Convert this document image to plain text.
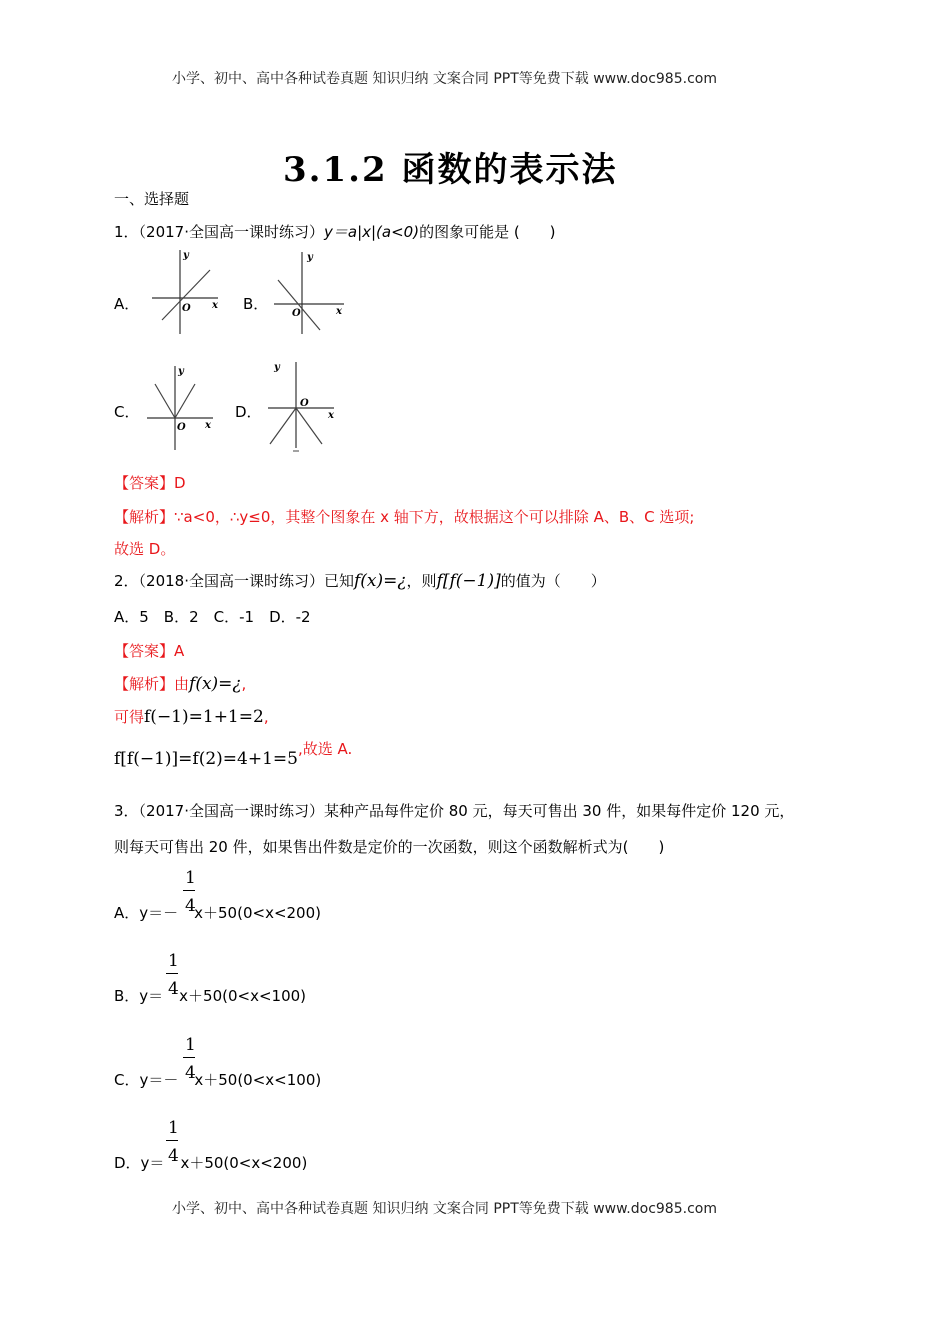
小学、初中、高中各种试卷真题 知识归纳 文案合同 PPT等免费下载 www.doc985.com
3.1.2 函数的表示法
一、选择题
1．（2017·全国高一课时练习）y＝a|x|(a<0)的图象可能是 (　　)
A．
y
x
O	B．
y
x
O
C．
y
x
O
D．
y
x
O
【答案】D
【解析】∵a<0，∴y≤0，其整个图象在 x 轴下方，故根据这个可以排除 A、B、C 选项;
故选 D。
2．（2018·全国高一课时练习）已知f(x)=¿，则f[f(−1)]的值为（　　）
A．5　B．2　C．-1　D．-2
【答案】A
【解析】由f(x)=¿,
可得f(−1)=1+1=2,
f[f(−1)]=f(2)=4+1=5,故选 A.
3．（2017·全国高一课时练习）某种产品每件定价 80 元，每天可售出 30 件，如果每件定价 120 元，
则每天可售出 20 件，如果售出件数是定价的一次函数，则这个函数解析式为(　　)
A．y＝－ x＋50(0<x<200)
1
4
B．y＝ x＋50(0<x<100)
1
4
C．y＝－ x＋50(0<x<100)
1
4
D．y＝ x＋50(0<x<200)
1
4
小学、初中、高中各种试卷真题 知识归纳 文案合同 PPT等免费下载 www.doc985.com
